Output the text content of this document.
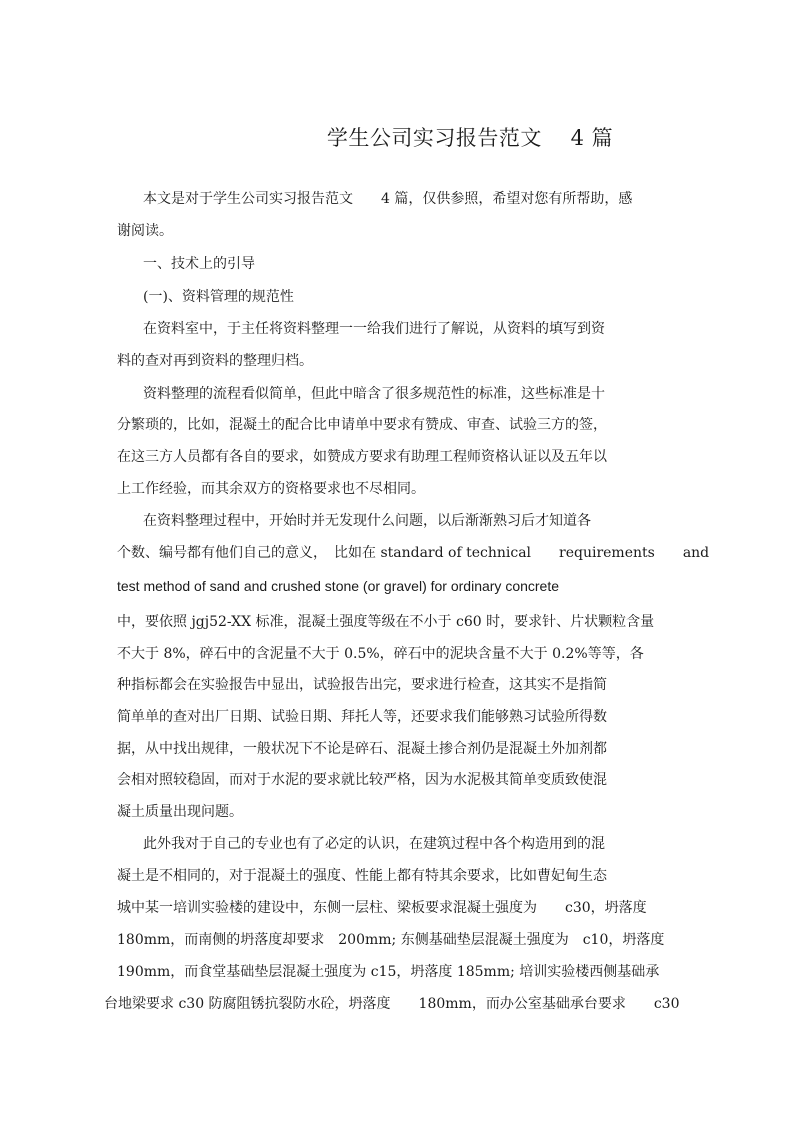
学生公司实习报告范文　 4 篇
本文是对于学生公司实习报告范文　　4 篇，仅供参照，希望对您有所帮助，感
谢阅读。
一、技术上的引导
(一)、资料管理的规范性
在资料室中，于主任将资料整理一一给我们进行了解说，从资料的填写到资
料的查对再到资料的整理归档。
资料整理的流程看似简单，但此中暗含了很多规范性的标准，这些标准是十
分繁琐的，比如，混凝土的配合比申请单中要求有赞成、审查、试验三方的签，
在这三方人员都有各自的要求，如赞成方要求有助理工程师资格认证以及五年以
上工作经验，而其余双方的资格要求也不尽相同。
在资料整理过程中，开始时并无发现什么问题，以后渐渐熟习后才知道各
个数、编号都有他们自己的意义，　比如在 standard of technical　　requirements　　and
test method of sand and crushed stone (or gravel) for ordinary concrete
中，要依照 jgj52-XX 标准，混凝土强度等级在不小于 c60 时，要求针、片状颗粒含量
不大于 8%，碎石中的含泥量不大于 0.5%，碎石中的泥块含量不大于 0.2%等等，各
种指标都会在实验报告中显出，试验报告出完，要求进行检查，这其实不是指简
简单单的查对出厂日期、试验日期、拜托人等，还要求我们能够熟习试验所得数
据，从中找出规律，一般状况下不论是碎石、混凝土掺合剂仍是混凝土外加剂都
会相对照较稳固，而对于水泥的要求就比较严格，因为水泥极其简单变质致使混
凝土质量出现问题。
此外我对于自己的专业也有了必定的认识，在建筑过程中各个构造用到的混
凝土是不相同的，对于混凝土的强度、性能上都有特其余要求，比如曹妃甸生态
城中某一培训实验楼的建设中，东侧一层柱、梁板要求混凝土强度为　　c30，坍落度
180mm，而南侧的坍落度却要求　200mm; 东侧基础垫层混凝土强度为　c10，坍落度
190mm，而食堂基础垫层混凝土强度为 c15，坍落度 185mm; 培训实验楼西侧基础承
台地梁要求 c30 防腐阻锈抗裂防水砼，坍落度　　180mm，而办公室基础承台要求　　c30
